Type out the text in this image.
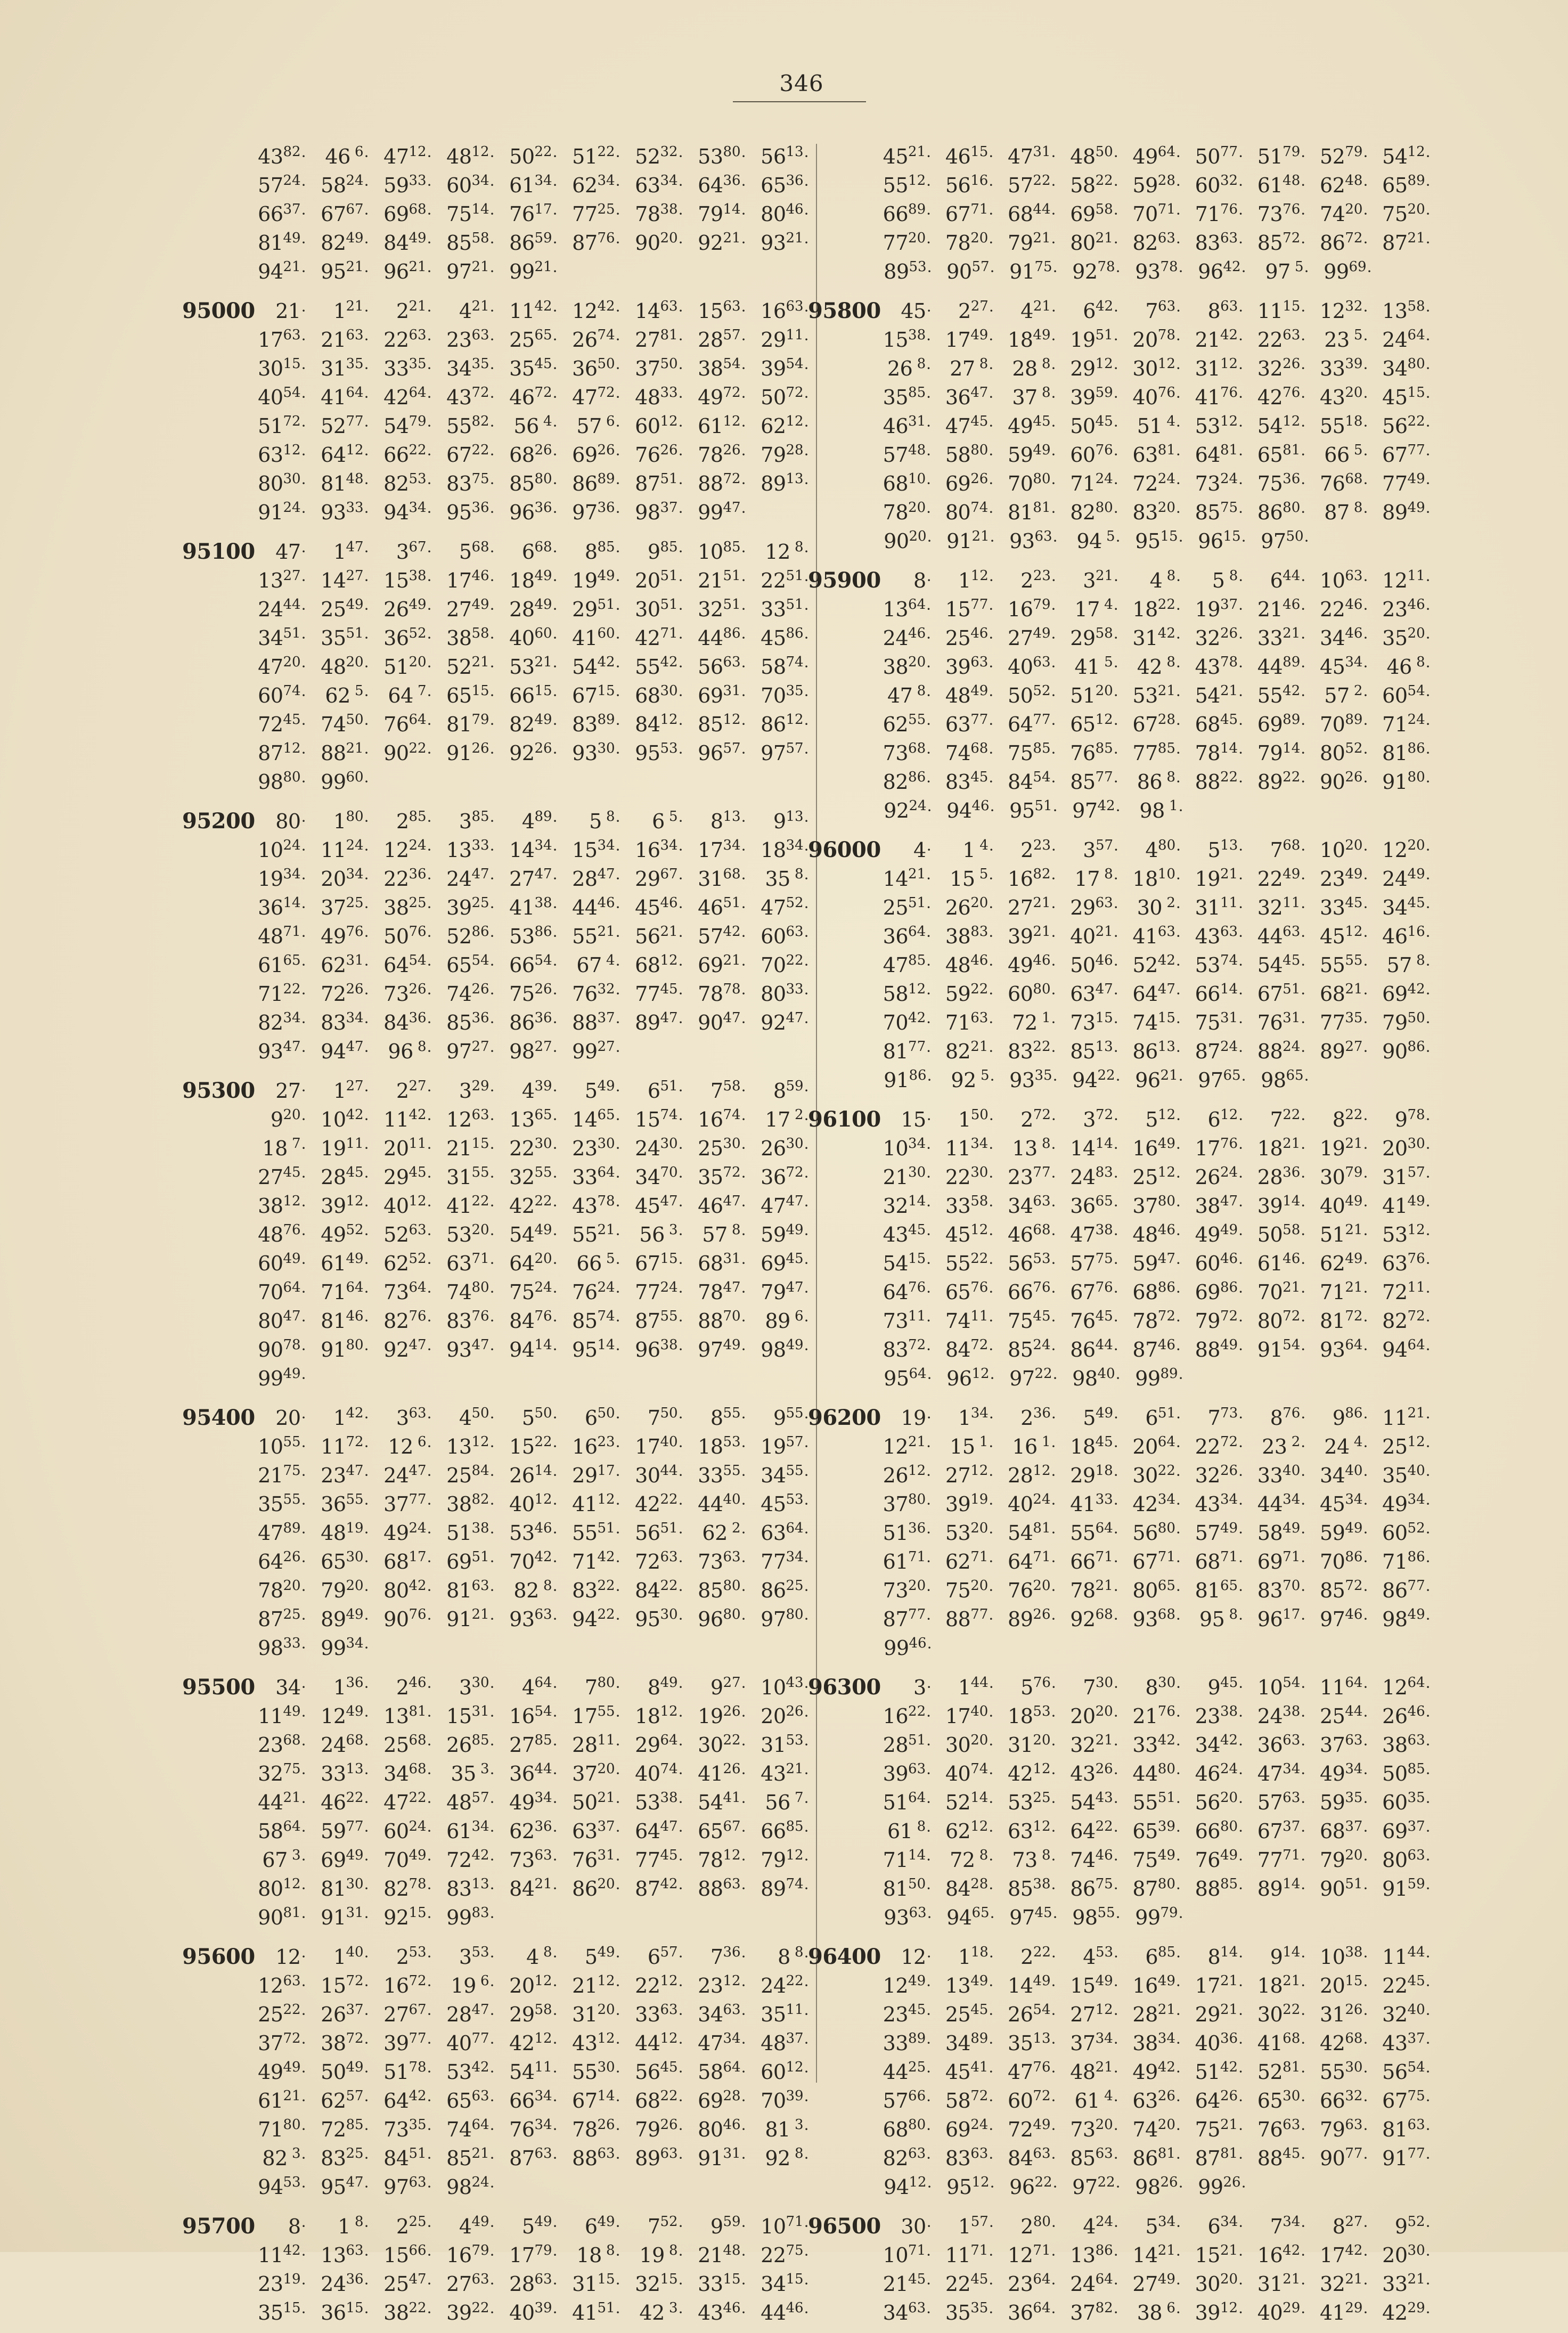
346
$43^{82}\cdot 46$ $^6\cdot 47^{12}\cdot 48^{12}\cdot 50^{22}\cdot 51^{22}\cdot 52^{32}\cdot 53^{80}\cdot 56^{13}\cdot$
$57^{24}\cdot 58^{24}\cdot 59^{33}\cdot 60^{34}\cdot 61^{34}\cdot 62^{34}\cdot 63^{34}\cdot 64^{36}\cdot 65^{36}\cdot$
$66^{37}\cdot 67^{67}\cdot 69^{68}\cdot 75^{14}\cdot 76^{17}\cdot 77^{25}\cdot 78^{38}\cdot 79^{14}\cdot 80^{46}\cdot$
$81^{49}\cdot 82^{49}\cdot 84^{49}\cdot 85^{58}\cdot 86^{59}\cdot 87^{76}\cdot 90^{20}\cdot 92^{21}\cdot 93^{21}\cdot$
$94^{21}\cdot 95^{21}\cdot 96^{21}\cdot 97^{21}\cdot 99^{21}\cdot$
95000	21·	$1^{21}\cdot$	$2^{21}\cdot$	$4^{21}\cdot 11^{42}\cdot 12^{42}\cdot 14^{63}\cdot 15^{63}\cdot 16^{63}\cdot$
$17^{63}\cdot 21^{63}\cdot 22^{63}\cdot 23^{63}\cdot 25^{65}\cdot 26^{74}\cdot 27^{81}\cdot 28^{57}\cdot 29^{11}\cdot$
$30^{15}\cdot 31^{35}\cdot 33^{35}\cdot 34^{35}\cdot 35^{45}\cdot 36^{50}\cdot 37^{50}\cdot 38^{54}\cdot 39^{54}\cdot$
$40^{54}\cdot 41^{64}\cdot 42^{64}\cdot 43^{72}\cdot 46^{72}\cdot 47^{72}\cdot 48^{33}\cdot 49^{72}\cdot 50^{72}\cdot$
$51^{72}\cdot 52^{77}\cdot 54^{79}\cdot 55^{82}\cdot 56$ $^4$· 57 $^6\cdot 60^{12}\cdot 61^{12}\cdot 62^{12}\cdot$
$63^{12}\cdot 64^{12}\cdot 66^{22}\cdot 67^{22}\cdot 68^{26}\cdot 69^{26}\cdot 76^{26}\cdot 78^{26}\cdot 79^{28}\cdot$
$80^{30}\cdot 81^{48}\cdot 82^{53}\cdot 83^{75}\cdot 85^{80}\cdot 86^{89}\cdot 87^{51}\cdot 88^{72}\cdot 89^{13}\cdot$
$91^{24}\cdot 93^{33}\cdot 94^{34}\cdot 95^{36}\cdot 96^{36}\cdot 97^{36}\cdot 98^{37}\cdot 99^{47}\cdot$
95100	47·	$1^{47}\cdot$	$3^{67}\cdot$	$5^{68}\cdot$	$6^{68}\cdot$	$8^{85}\cdot$	$9^{85}\cdot 10^{85}\cdot 12$ $^8$·
$13^{27}\cdot 14^{27}\cdot 15^{38}\cdot 17^{46}\cdot 18^{49}\cdot 19^{49}\cdot 20^{51}\cdot 21^{51}\cdot 22^{51}\cdot$
$24^{44}\cdot 25^{49}\cdot 26^{49}\cdot 27^{49}\cdot 28^{49}\cdot 29^{51}\cdot 30^{51}\cdot 32^{51}\cdot 33^{51}\cdot$
$34^{51}\cdot 35^{51}\cdot 36^{52}\cdot 38^{58}\cdot 40^{60}\cdot 41^{60}\cdot 42^{71}\cdot 44^{86}\cdot 45^{86}\cdot$
$47^{20}\cdot 48^{20}\cdot 51^{20}\cdot 52^{21}\cdot 53^{21}\cdot 54^{42}\cdot 55^{42}\cdot 56^{63}\cdot 58^{74}\cdot$
$60^{74}\cdot 62$ $^5$· 64 $^7\cdot 65^{15}\cdot 66^{15}\cdot 67^{15}\cdot 68^{30}\cdot 69^{31}\cdot 70^{35}\cdot$
$72^{45}\cdot 74^{50}\cdot 76^{64}\cdot 81^{79}\cdot 82^{49}\cdot 83^{89}\cdot 84^{12}\cdot 85^{12}\cdot 86^{12}\cdot$
$87^{12}\cdot 88^{21}\cdot 90^{22}\cdot 91^{26}\cdot 92^{26}\cdot 93^{30}\cdot 95^{53}\cdot 96^{57}\cdot 97^{57}\cdot$
$98^{80}\cdot 99^{60}\cdot$
95200	80·	$1^{80}\cdot$	$2^{85}\cdot$	$3^{85}\cdot$	$4^{89}\cdot$	5 $^8$·	6 $^5$·	$8^{13}\cdot$	$9^{13}\cdot$
$10^{24}\cdot 11^{24}\cdot 12^{24}\cdot 13^{33}\cdot 14^{34}\cdot 15^{34}\cdot 16^{34}\cdot 17^{34}\cdot 18^{34}\cdot$
$19^{34}\cdot 20^{34}\cdot 22^{36}\cdot 24^{47}\cdot 27^{47}\cdot 28^{47}\cdot 29^{67}\cdot 31^{68}\cdot 35$ $^8$·
$36^{14}\cdot 37^{25}\cdot 38^{25}\cdot 39^{25}\cdot 41^{38}\cdot 44^{46}\cdot 45^{46}\cdot 46^{51}\cdot 47^{52}\cdot$
$48^{71}\cdot 49^{76}\cdot 50^{76}\cdot 52^{86}\cdot 53^{86}\cdot 55^{21}\cdot 56^{21}\cdot 57^{42}\cdot 60^{63}\cdot$
$61^{65}\cdot 62^{31}\cdot 64^{54}\cdot 65^{54}\cdot 66^{54}\cdot 67$ $^4\cdot 68^{12}\cdot 69^{21}\cdot 70^{22}\cdot$
$71^{22}\cdot 72^{26}\cdot 73^{26}\cdot 74^{26}\cdot 75^{26}\cdot 76^{32}\cdot 77^{45}\cdot 78^{78}\cdot 80^{33}\cdot$
$82^{34}\cdot 83^{34}\cdot 84^{36}\cdot 85^{36}\cdot 86^{36}\cdot 88^{37}\cdot 89^{47}\cdot 90^{47}\cdot 92^{47}\cdot$
$93^{47}\cdot 94^{47}\cdot 96$ $^8\cdot 97^{27}\cdot 98^{27}\cdot 99^{27}\cdot$
95300	27·	$1^{27}\cdot$	$2^{27}\cdot$	$3^{29}\cdot$	$4^{39}\cdot$	$5^{49}\cdot$	$6^{51}\cdot$	$7^{58}\cdot$	$8^{59}\cdot$
$9^{20}\cdot 10^{42}\cdot 11^{42}\cdot 12^{63}\cdot 13^{65}\cdot 14^{65}\cdot 15^{74}\cdot 16^{74}\cdot 17$ $^2$·
18 $^7\cdot 19^{11}\cdot 20^{11}\cdot 21^{15}\cdot 22^{30}\cdot 23^{30}\cdot 24^{30}\cdot 25^{30}\cdot 26^{30}\cdot$
$27^{45}\cdot 28^{45}\cdot 29^{45}\cdot 31^{55}\cdot 32^{55}\cdot 33^{64}\cdot 34^{70}\cdot 35^{72}\cdot 36^{72}\cdot$
$38^{12}\cdot 39^{12}\cdot 40^{12}\cdot 41^{22}\cdot 42^{22}\cdot 43^{78}\cdot 45^{47}\cdot 46^{47}\cdot 47^{47}\cdot$
$48^{76}\cdot 49^{52}\cdot 52^{63}\cdot 53^{20}\cdot 54^{49}\cdot 55^{21}\cdot 56$ $^3$· 57 $^8\cdot 59^{49}\cdot$
$60^{49}\cdot 61^{49}\cdot 62^{52}\cdot 63^{71}\cdot 64^{20}\cdot 66$ $^5\cdot 67^{15}\cdot 68^{31}\cdot 69^{45}\cdot$
$70^{64}\cdot 71^{64}\cdot 73^{64}\cdot 74^{80}\cdot 75^{24}\cdot 76^{24}\cdot 77^{24}\cdot 78^{47}\cdot 79^{47}\cdot$
$80^{47}\cdot 81^{46}\cdot 82^{76}\cdot 83^{76}\cdot 84^{76}\cdot 85^{74}\cdot 87^{55}\cdot 88^{70}\cdot 89$ $^6$·
$90^{78}\cdot 91^{80}\cdot 92^{47}\cdot 93^{47}\cdot 94^{14}\cdot 95^{14}\cdot 96^{38}\cdot 97^{49}\cdot 98^{49}\cdot$
$99^{49}\cdot$
95400	20·	$1^{42}\cdot$	$3^{63}\cdot$	$4^{50}\cdot$	$5^{50}\cdot$	$6^{50}\cdot$	$7^{50}\cdot$	$8^{55}\cdot$	$9^{55}\cdot$
$10^{55}\cdot 11^{72}\cdot 12$ $^6\cdot 13^{12}\cdot 15^{22}\cdot 16^{23}\cdot 17^{40}\cdot 18^{53}\cdot 19^{57}\cdot$
$21^{75}\cdot 23^{47}\cdot 24^{47}\cdot 25^{84}\cdot 26^{14}\cdot 29^{17}\cdot 30^{44}\cdot 33^{55}\cdot 34^{55}\cdot$
$35^{55}\cdot 36^{55}\cdot 37^{77}\cdot 38^{82}\cdot 40^{12}\cdot 41^{12}\cdot 42^{22}\cdot 44^{40}\cdot 45^{53}\cdot$
$47^{89}\cdot 48^{19}\cdot 49^{24}\cdot 51^{38}\cdot 53^{46}\cdot 55^{51}\cdot 56^{51}\cdot 62$ $^2\cdot 63^{64}\cdot$
$64^{26}\cdot 65^{30}\cdot 68^{17}\cdot 69^{51}\cdot 70^{42}\cdot 71^{42}\cdot 72^{63}\cdot 73^{63}\cdot 77^{34}\cdot$
$78^{20}\cdot 79^{20}\cdot 80^{42}\cdot 81^{63}\cdot 82$ $^8\cdot 83^{22}\cdot 84^{22}\cdot 85^{80}\cdot 86^{25}\cdot$
$87^{25}\cdot 89^{49}\cdot 90^{76}\cdot 91^{21}\cdot 93^{63}\cdot 94^{22}\cdot 95^{30}\cdot 96^{80}\cdot 97^{80}\cdot$
$98^{33}\cdot 99^{34}\cdot$
95500	34·	$1^{36}\cdot$	$2^{46}\cdot$	$3^{30}\cdot$	$4^{64}\cdot$	$7^{80}\cdot$	$8^{49}\cdot$	$9^{27}\cdot 10^{43}\cdot$
$11^{49}\cdot 12^{49}\cdot 13^{81}\cdot 15^{31}\cdot 16^{54}\cdot 17^{55}\cdot 18^{12}\cdot 19^{26}\cdot 20^{26}\cdot$
$23^{68}\cdot 24^{68}\cdot 25^{68}\cdot 26^{85}\cdot 27^{85}\cdot 28^{11}\cdot 29^{64}\cdot 30^{22}\cdot 31^{53}\cdot$
$32^{75}\cdot 33^{13}\cdot 34^{68}\cdot 35$ $^3\cdot 36^{44}\cdot 37^{20}\cdot 40^{74}\cdot 41^{26}\cdot 43^{21}\cdot$
$44^{21}\cdot 46^{22}\cdot 47^{22}\cdot 48^{57}\cdot 49^{34}\cdot 50^{21}\cdot 53^{38}\cdot 54^{41}\cdot 56$ $^7$·
$58^{64}\cdot 59^{77}\cdot 60^{24}\cdot 61^{34}\cdot 62^{36}\cdot 63^{37}\cdot 64^{47}\cdot 65^{67}\cdot 66^{85}\cdot$
67 $^3\cdot 69^{49}\cdot 70^{49}\cdot 72^{42}\cdot 73^{63}\cdot 76^{31}\cdot 77^{45}\cdot 78^{12}\cdot 79^{12}\cdot$
$80^{12}\cdot 81^{30}\cdot 82^{78}\cdot 83^{13}\cdot 84^{21}\cdot 86^{20}\cdot 87^{42}\cdot 88^{63}\cdot 89^{74}\cdot$
$90^{81}\cdot 91^{31}\cdot 92^{15}\cdot 99^{83}\cdot$
95600	12·	$1^{40}\cdot$	$2^{53}\cdot$	$3^{53}\cdot$	4 $^8$·	$5^{49}\cdot$	$6^{57}\cdot$	$7^{36}\cdot$	8 $^8$·
$12^{63}\cdot 15^{72}\cdot 16^{72}\cdot 19$ $^6\cdot 20^{12}\cdot 21^{12}\cdot 22^{12}\cdot 23^{12}\cdot 24^{22}\cdot$
$25^{22}\cdot 26^{37}\cdot 27^{67}\cdot 28^{47}\cdot 29^{58}\cdot 31^{20}\cdot 33^{63}\cdot 34^{63}\cdot 35^{11}\cdot$
$37^{72}\cdot 38^{72}\cdot 39^{77}\cdot 40^{77}\cdot 42^{12}\cdot 43^{12}\cdot 44^{12}\cdot 47^{34}\cdot 48^{37}\cdot$
$49^{49}\cdot 50^{49}\cdot 51^{78}\cdot 53^{42}\cdot 54^{11}\cdot 55^{30}\cdot 56^{45}\cdot 58^{64}\cdot 60^{12}\cdot$
$61^{21}\cdot 62^{57}\cdot 64^{42}\cdot 65^{63}\cdot 66^{34}\cdot 67^{14}\cdot 68^{22}\cdot 69^{28}\cdot 70^{39}\cdot$
$71^{80}\cdot 72^{85}\cdot 73^{35}\cdot 74^{64}\cdot 76^{34}\cdot 78^{26}\cdot 79^{26}\cdot 80^{46}\cdot 81$ $^3$·
82 $^3\cdot 83^{25}\cdot 84^{51}\cdot 85^{21}\cdot 87^{63}\cdot 88^{63}\cdot 89^{63}\cdot 91^{31}\cdot 92$ $^8$·
$94^{53}\cdot 95^{47}\cdot 97^{63}\cdot 98^{24}\cdot$
95700	8·	1 $^8$·	$2^{25}\cdot$	$4^{49}\cdot$	$5^{49}\cdot$	$6^{49}\cdot$	$7^{52}\cdot$	$9^{59}\cdot 10^{71}\cdot$
$11^{42}\cdot 13^{63}\cdot 15^{66}\cdot 16^{79}\cdot 17^{79}\cdot 18$ $^8$· 19 $^8\cdot 21^{48}\cdot 22^{75}\cdot$
$23^{19}\cdot 24^{36}\cdot 25^{47}\cdot 27^{63}\cdot 28^{63}\cdot 31^{15}\cdot 32^{15}\cdot 33^{15}\cdot 34^{15}\cdot$
$35^{15}\cdot 36^{15}\cdot 38^{22}\cdot 39^{22}\cdot 40^{39}\cdot 41^{51}\cdot 42$ $^3\cdot 43^{46}\cdot 44^{46}\cdot$
$45^{21}\cdot 46^{15}\cdot 47^{31}\cdot 48^{50}\cdot 49^{64}\cdot 50^{77}\cdot 51^{79}\cdot 52^{79}\cdot 54^{12}\cdot$
$55^{12}\cdot 56^{16}\cdot 57^{22}\cdot 58^{22}\cdot 59^{28}\cdot 60^{32}\cdot 61^{48}\cdot 62^{48}\cdot 65^{89}\cdot$
$66^{89}\cdot 67^{71}\cdot 68^{44}\cdot 69^{58}\cdot 70^{71}\cdot 71^{76}\cdot 73^{76}\cdot 74^{20}\cdot 75^{20}\cdot$
$77^{20}\cdot 78^{20}\cdot 79^{21}\cdot 80^{21}\cdot 82^{63}\cdot 83^{63}\cdot 85^{72}\cdot 86^{72}\cdot 87^{21}\cdot$
$89^{53}\cdot 90^{57}\cdot 91^{75}\cdot 92^{78}\cdot 93^{78}\cdot 96^{42}\cdot 97$ $^5\cdot 99^{69}\cdot$
95800 45·	$2^{27}\cdot$	$4^{21}\cdot$	$6^{42}\cdot$	$7^{63}\cdot$	$8^{63}\cdot 11^{15}\cdot 12^{32}\cdot 13^{58}\cdot$
$15^{38}\cdot 17^{49}\cdot 18^{49}\cdot 19^{51}\cdot 20^{78}\cdot 21^{42}\cdot 22^{63}\cdot 23$ $^5\cdot 24^{64}\cdot$
26 $^8$· 27 $^8$· 28 $^8\cdot 29^{12}\cdot 30^{12}\cdot 31^{12}\cdot 32^{26}\cdot 33^{39}\cdot 34^{80}\cdot$
$35^{85}\cdot 36^{47}\cdot 37$ $^8\cdot 39^{59}\cdot 40^{76}\cdot 41^{76}\cdot 42^{76}\cdot 43^{20}\cdot 45^{15}\cdot$
$46^{31}\cdot 47^{45}\cdot 49^{45}\cdot 50^{45}\cdot 51$ $^4\cdot 53^{12}\cdot 54^{12}\cdot 55^{18}\cdot 56^{22}\cdot$
$57^{48}\cdot 58^{80}\cdot 59^{49}\cdot 60^{76}\cdot 63^{81}\cdot 64^{81}\cdot 65^{81}\cdot 66$ $^5\cdot 67^{77}\cdot$
$68^{10}\cdot 69^{26}\cdot 70^{80}\cdot 71^{24}\cdot 72^{24}\cdot 73^{24}\cdot 75^{36}\cdot 76^{68}\cdot 77^{49}\cdot$
$78^{20}\cdot 80^{74}\cdot 81^{81}\cdot 82^{80}\cdot 83^{20}\cdot 85^{75}\cdot 86^{80}\cdot 87$ $^8\cdot 89^{49}\cdot$
$90^{20}\cdot 91^{21}\cdot 93^{63}\cdot 94$ $^5\cdot 95^{15}\cdot 96^{15}\cdot 97^{50}\cdot$
95900	8·	$1^{12}\cdot$	$2^{23}\cdot$	$3^{21}\cdot$	4 $^8$·	5 $^8$·	$6^{44}\cdot 10^{63}\cdot 12^{11}\cdot$
$13^{64}\cdot 15^{77}\cdot 16^{79}\cdot 17$ $^4\cdot 18^{22}\cdot 19^{37}\cdot 21^{46}\cdot 22^{46}\cdot 23^{46}\cdot$
$24^{46}\cdot 25^{46}\cdot 27^{49}\cdot 29^{58}\cdot 31^{42}\cdot 32^{26}\cdot 33^{21}\cdot 34^{46}\cdot 35^{20}\cdot$
$38^{20}\cdot 39^{63}\cdot 40^{63}\cdot 41$ $^5$· 42 $^8\cdot 43^{78}\cdot 44^{89}\cdot 45^{34}\cdot 46$ $^8$·
47 $^8\cdot 48^{49}\cdot 50^{52}\cdot 51^{20}\cdot 53^{21}\cdot 54^{21}\cdot 55^{42}\cdot 57$ $^2\cdot 60^{54}\cdot$
$62^{55}\cdot 63^{77}\cdot 64^{77}\cdot 65^{12}\cdot 67^{28}\cdot 68^{45}\cdot 69^{89}\cdot 70^{89}\cdot 71^{24}\cdot$
$73^{68}\cdot 74^{68}\cdot 75^{85}\cdot 76^{85}\cdot 77^{85}\cdot 78^{14}\cdot 79^{14}\cdot 80^{52}\cdot 81^{86}\cdot$
$82^{86}\cdot 83^{45}\cdot 84^{54}\cdot 85^{77}\cdot 86$ $^8\cdot 88^{22}\cdot 89^{22}\cdot 90^{26}\cdot 91^{80}\cdot$
$92^{24}\cdot 94^{46}\cdot 95^{51}\cdot 97^{42}\cdot 98$ $^1$·
96000	4·	1 $^4$·	$2^{23}\cdot$	$3^{57}\cdot$	$4^{80}\cdot$	$5^{13}\cdot$	$7^{68}\cdot 10^{20}\cdot 12^{20}\cdot$
$14^{21}\cdot 15$ $^5\cdot 16^{82}\cdot 17$ $^8\cdot 18^{10}\cdot 19^{21}\cdot 22^{49}\cdot 23^{49}\cdot 24^{49}\cdot$
$25^{51}\cdot 26^{20}\cdot 27^{21}\cdot 29^{63}\cdot 30$ $^2\cdot 31^{11}\cdot 32^{11}\cdot 33^{45}\cdot 34^{45}\cdot$
$36^{64}\cdot 38^{83}\cdot 39^{21}\cdot 40^{21}\cdot 41^{63}\cdot 43^{63}\cdot 44^{63}\cdot 45^{12}\cdot 46^{16}\cdot$
$47^{85}\cdot 48^{46}\cdot 49^{46}\cdot 50^{46}\cdot 52^{42}\cdot 53^{74}\cdot 54^{45}\cdot 55^{55}\cdot 57$ $^8$·
$58^{12}\cdot 59^{22}\cdot 60^{80}\cdot 63^{47}\cdot 64^{47}\cdot 66^{14}\cdot 67^{51}\cdot 68^{21}\cdot 69^{42}\cdot$
$70^{42}\cdot 71^{63}\cdot 72$ $^1\cdot 73^{15}\cdot 74^{15}\cdot 75^{31}\cdot 76^{31}\cdot 77^{35}\cdot 79^{50}\cdot$
$81^{77}\cdot 82^{21}\cdot 83^{22}\cdot 85^{13}\cdot 86^{13}\cdot 87^{24}\cdot 88^{24}\cdot 89^{27}\cdot 90^{86}\cdot$
$91^{86}\cdot 92$ $^5\cdot 93^{35}\cdot 94^{22}\cdot 96^{21}\cdot 97^{65}\cdot 98^{65}\cdot$
96100 15·	$1^{50}\cdot$	$2^{72}\cdot$	$3^{72}\cdot$	$5^{12}\cdot$	$6^{12}\cdot$	$7^{22}\cdot$	$8^{22}\cdot$	$9^{78}\cdot$
$10^{34}\cdot 11^{34}\cdot 13$ $^8\cdot 14^{14}\cdot 16^{49}\cdot 17^{76}\cdot 18^{21}\cdot 19^{21}\cdot 20^{30}\cdot$
$21^{30}\cdot 22^{30}\cdot 23^{77}\cdot 24^{83}\cdot 25^{12}\cdot 26^{24}\cdot 28^{36}\cdot 30^{79}\cdot 31^{57}\cdot$
$32^{14}\cdot 33^{58}\cdot 34^{63}\cdot 36^{65}\cdot 37^{80}\cdot 38^{47}\cdot 39^{14}\cdot 40^{49}\cdot 41^{49}\cdot$
$43^{45}\cdot 45^{12}\cdot 46^{68}\cdot 47^{38}\cdot 48^{46}\cdot 49^{49}\cdot 50^{58}\cdot 51^{21}\cdot 53^{12}\cdot$
$54^{15}\cdot 55^{22}\cdot 56^{53}\cdot 57^{75}\cdot 59^{47}\cdot 60^{46}\cdot 61^{46}\cdot 62^{49}\cdot 63^{76}\cdot$
$64^{76}\cdot 65^{76}\cdot 66^{76}\cdot 67^{76}\cdot 68^{86}\cdot 69^{86}\cdot 70^{21}\cdot 71^{21}\cdot 72^{11}\cdot$
$73^{11}\cdot 74^{11}\cdot 75^{45}\cdot 76^{45}\cdot 78^{72}\cdot 79^{72}\cdot 80^{72}\cdot 81^{72}\cdot 82^{72}\cdot$
$83^{72}\cdot 84^{72}\cdot 85^{24}\cdot 86^{44}\cdot 87^{46}\cdot 88^{49}\cdot 91^{54}\cdot 93^{64}\cdot 94^{64}\cdot$
$95^{64}\cdot 96^{12}\cdot 97^{22}\cdot 98^{40}\cdot 99^{89}\cdot$
96200 19·	$1^{34}\cdot$	$2^{36}\cdot$	$5^{49}\cdot$	$6^{51}\cdot$	$7^{73}\cdot$	$8^{76}\cdot$	$9^{86}\cdot 11^{21}\cdot$
$12^{21}\cdot 15$ $^1$· 16 $^1\cdot 18^{45}\cdot 20^{64}\cdot 22^{72}\cdot 23$ $^2$· 24 $^4\cdot 25^{12}\cdot$
$26^{12}\cdot 27^{12}\cdot 28^{12}\cdot 29^{18}\cdot 30^{22}\cdot 32^{26}\cdot 33^{40}\cdot 34^{40}\cdot 35^{40}\cdot$
$37^{80}\cdot 39^{19}\cdot 40^{24}\cdot 41^{33}\cdot 42^{34}\cdot 43^{34}\cdot 44^{34}\cdot 45^{34}\cdot 49^{34}\cdot$
$51^{36}\cdot 53^{20}\cdot 54^{81}\cdot 55^{64}\cdot 56^{80}\cdot 57^{49}\cdot 58^{49}\cdot 59^{49}\cdot 60^{52}\cdot$
$61^{71}\cdot 62^{71}\cdot 64^{71}\cdot 66^{71}\cdot 67^{71}\cdot 68^{71}\cdot 69^{71}\cdot 70^{86}\cdot 71^{86}\cdot$
$73^{20}\cdot 75^{20}\cdot 76^{20}\cdot 78^{21}\cdot 80^{65}\cdot 81^{65}\cdot 83^{70}\cdot 85^{72}\cdot 86^{77}\cdot$
$87^{77}\cdot 88^{77}\cdot 89^{26}\cdot 92^{68}\cdot 93^{68}\cdot 95$ $^8\cdot 96^{17}\cdot 97^{46}\cdot 98^{49}\cdot$
$99^{46}\cdot$
96300	3·	$1^{44}\cdot$	$5^{76}\cdot$	$7^{30}\cdot$	$8^{30}\cdot$	$9^{45}\cdot 10^{54}\cdot 11^{64}\cdot 12^{64}\cdot$
$16^{22}\cdot 17^{40}\cdot 18^{53}\cdot 20^{20}\cdot 21^{76}\cdot 23^{38}\cdot 24^{38}\cdot 25^{44}\cdot 26^{46}\cdot$
$28^{51}\cdot 30^{20}\cdot 31^{20}\cdot 32^{21}\cdot 33^{42}\cdot 34^{42}\cdot 36^{63}\cdot 37^{63}\cdot 38^{63}\cdot$
$39^{63}\cdot 40^{74}\cdot 42^{12}\cdot 43^{26}\cdot 44^{80}\cdot 46^{24}\cdot 47^{34}\cdot 49^{34}\cdot 50^{85}\cdot$
$51^{64}\cdot 52^{14}\cdot 53^{25}\cdot 54^{43}\cdot 55^{51}\cdot 56^{20}\cdot 57^{63}\cdot 59^{35}\cdot 60^{35}\cdot$
61 $^8\cdot 62^{12}\cdot 63^{12}\cdot 64^{22}\cdot 65^{39}\cdot 66^{80}\cdot 67^{37}\cdot 68^{37}\cdot 69^{37}\cdot$
$71^{14}\cdot 72$ $^8$· 73 $^8\cdot 74^{46}\cdot 75^{49}\cdot 76^{49}\cdot 77^{71}\cdot 79^{20}\cdot 80^{63}\cdot$
$81^{50}\cdot 84^{28}\cdot 85^{38}\cdot 86^{75}\cdot 87^{80}\cdot 88^{85}\cdot 89^{14}\cdot 90^{51}\cdot 91^{59}\cdot$
$93^{63}\cdot 94^{65}\cdot 97^{45}\cdot 98^{55}\cdot 99^{79}\cdot$
96400 12·	$1^{18}\cdot$	$2^{22}\cdot$	$4^{53}\cdot$	$6^{85}\cdot$	$8^{14}\cdot$	$9^{14}\cdot 10^{38}\cdot 11^{44}\cdot$
$12^{49}\cdot 13^{49}\cdot 14^{49}\cdot 15^{49}\cdot 16^{49}\cdot 17^{21}\cdot 18^{21}\cdot 20^{15}\cdot 22^{45}\cdot$
$23^{45}\cdot 25^{45}\cdot 26^{54}\cdot 27^{12}\cdot 28^{21}\cdot 29^{21}\cdot 30^{22}\cdot 31^{26}\cdot 32^{40}\cdot$
$33^{89}\cdot 34^{89}\cdot 35^{13}\cdot 37^{34}\cdot 38^{34}\cdot 40^{36}\cdot 41^{68}\cdot 42^{68}\cdot 43^{37}\cdot$
$44^{25}\cdot 45^{41}\cdot 47^{76}\cdot 48^{21}\cdot 49^{42}\cdot 51^{42}\cdot 52^{81}\cdot 55^{30}\cdot 56^{54}\cdot$
$57^{66}\cdot 58^{72}\cdot 60^{72}\cdot 61$ $^4\cdot 63^{26}\cdot 64^{26}\cdot 65^{30}\cdot 66^{32}\cdot 67^{75}\cdot$
$68^{80}\cdot 69^{24}\cdot 72^{49}\cdot 73^{20}\cdot 74^{20}\cdot 75^{21}\cdot 76^{63}\cdot 79^{63}\cdot 81^{63}\cdot$
$82^{63}\cdot 83^{63}\cdot 84^{63}\cdot 85^{63}\cdot 86^{81}\cdot 87^{81}\cdot 88^{45}\cdot 90^{77}\cdot 91^{77}\cdot$
$94^{12}\cdot 95^{12}\cdot 96^{22}\cdot 97^{22}\cdot 98^{26}\cdot 99^{26}\cdot$
96500 30·	$1^{57}\cdot$	$2^{80}\cdot$	$4^{24}\cdot$	$5^{34}\cdot$	$6^{34}\cdot$	$7^{34}\cdot$	$8^{27}\cdot$	$9^{52}\cdot$
$10^{71}\cdot 11^{71}\cdot 12^{71}\cdot 13^{86}\cdot 14^{21}\cdot 15^{21}\cdot 16^{42}\cdot 17^{42}\cdot 20^{30}\cdot$
$21^{45}\cdot 22^{45}\cdot 23^{64}\cdot 24^{64}\cdot 27^{49}\cdot 30^{20}\cdot 31^{21}\cdot 32^{21}\cdot 33^{21}\cdot$
$34^{63}\cdot 35^{35}\cdot 36^{64}\cdot 37^{82}\cdot 38$ $^6\cdot 39^{12}\cdot 40^{29}\cdot 41^{29}\cdot 42^{29}\cdot$
